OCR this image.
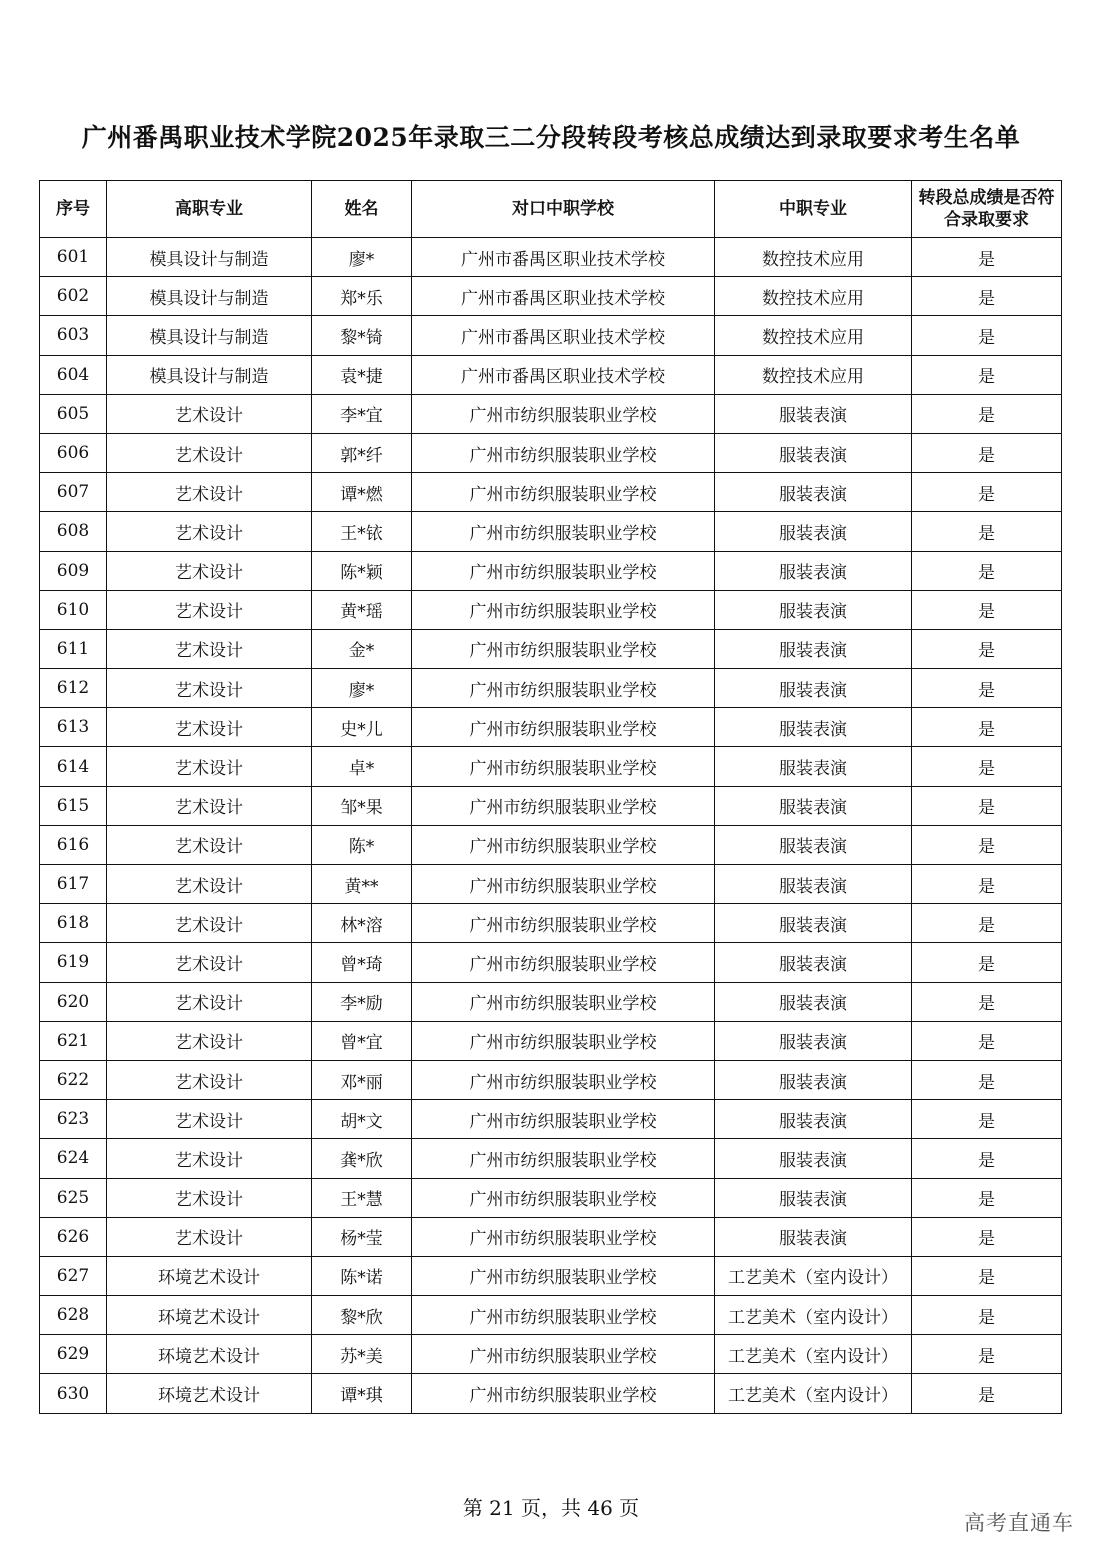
广州番禺职业技术学院2025年录取三二分段转段考核总成绩达到录取要求考生名单
序号	高职专业	姓名	对口中职学校	中职专业	转段总成绩是否符合录取要求
601	模具设计与制造	廖*	广州市番禺区职业技术学校	数控技术应用	是
602	模具设计与制造	郑*乐	广州市番禺区职业技术学校	数控技术应用	是
603	模具设计与制造	黎*锜	广州市番禺区职业技术学校	数控技术应用	是
604	模具设计与制造	袁*捷	广州市番禺区职业技术学校	数控技术应用	是
605	艺术设计	李*宜	广州市纺织服装职业学校	服装表演	是
606	艺术设计	郭*纤	广州市纺织服装职业学校	服装表演	是
607	艺术设计	谭*燃	广州市纺织服装职业学校	服装表演	是
608	艺术设计	王*铱	广州市纺织服装职业学校	服装表演	是
609	艺术设计	陈*颖	广州市纺织服装职业学校	服装表演	是
610	艺术设计	黄*瑶	广州市纺织服装职业学校	服装表演	是
611	艺术设计	金*	广州市纺织服装职业学校	服装表演	是
612	艺术设计	廖*	广州市纺织服装职业学校	服装表演	是
613	艺术设计	史*儿	广州市纺织服装职业学校	服装表演	是
614	艺术设计	卓*	广州市纺织服装职业学校	服装表演	是
615	艺术设计	邹*果	广州市纺织服装职业学校	服装表演	是
616	艺术设计	陈*	广州市纺织服装职业学校	服装表演	是
617	艺术设计	黄**	广州市纺织服装职业学校	服装表演	是
618	艺术设计	林*溶	广州市纺织服装职业学校	服装表演	是
619	艺术设计	曾*琦	广州市纺织服装职业学校	服装表演	是
620	艺术设计	李*励	广州市纺织服装职业学校	服装表演	是
621	艺术设计	曾*宜	广州市纺织服装职业学校	服装表演	是
622	艺术设计	邓*丽	广州市纺织服装职业学校	服装表演	是
623	艺术设计	胡*文	广州市纺织服装职业学校	服装表演	是
624	艺术设计	龚*欣	广州市纺织服装职业学校	服装表演	是
625	艺术设计	王*慧	广州市纺织服装职业学校	服装表演	是
626	艺术设计	杨*莹	广州市纺织服装职业学校	服装表演	是
627	环境艺术设计	陈*诺	广州市纺织服装职业学校	工艺美术（室内设计）	是
628	环境艺术设计	黎*欣	广州市纺织服装职业学校	工艺美术（室内设计）	是
629	环境艺术设计	苏*美	广州市纺织服装职业学校	工艺美术（室内设计）	是
630	环境艺术设计	谭*琪	广州市纺织服装职业学校	工艺美术（室内设计）	是
第 21 页，共 46 页
高考直通车
